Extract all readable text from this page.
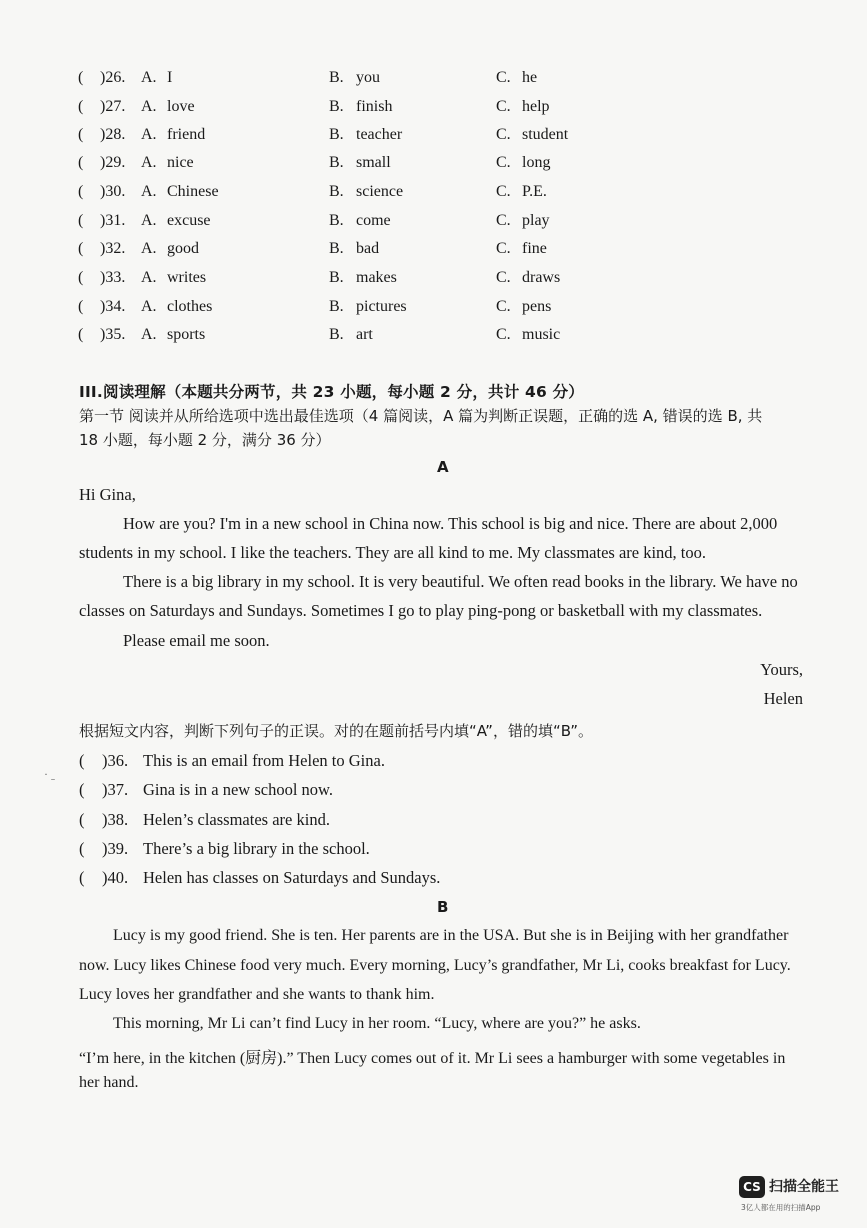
( )26. A. I	B. you	C. he
( )27. A. love	B. finish	C. help
( )28. A. friend	B. teacher	C. student
( )29. A. nice	B. small	C. long
( )30. A. Chinese	B. science	C. P.E.
( )31. A. excuse	B. come	C. play
( )32. A. good	B. bad	C. fine
( )33. A. writes	B. makes	C. draws
( )34. A. clothes	B. pictures	C. pens
( )35. A. sports	B. art	C. music
III.阅读理解（本题共分两节，共 23 小题，每小题 2 分，共计 46 分）
第一节 阅读并从所给选项中选出最佳选项（4 篇阅读，A 篇为判断正误题，正确的选 A, 错误的选 B, 共
18 小题，每小题 2 分，满分 36 分）
A
Hi Gina,
How are you? I'm in a new school in China now. This school is big and nice. There are about 2,000
students in my school. I like the teachers. They are all kind to me. My classmates are kind, too.
There is a big library in my school. It is very beautiful. We often read books in the library. We have no
classes on Saturdays and Sundays. Sometimes I go to play ping-pong or basketball with my classmates.
Please email me soon.
Yours,
Helen
根据短文内容，判断下列句子的正误。对的在题前括号内填“A”，错的填“B”。
· ˍ
( )36. This is an email from Helen to Gina.
( )37. Gina is in a new school now.
( )38. Helen’s classmates are kind.
( )39. There’s a big library in the school.
( )40. Helen has classes on Saturdays and Sundays.
B
Lucy is my good friend. She is ten. Her parents are in the USA. But she is in Beijing with her grandfather
now. Lucy likes Chinese food very much. Every morning, Lucy’s grandfather, Mr Li, cooks breakfast for Lucy.
Lucy loves her grandfather and she wants to thank him.
This morning, Mr Li can’t find Lucy in her room. “Lucy, where are you?” he asks.
“I’m here, in the kitchen (厨房).” Then Lucy comes out of it. Mr Li sees a hamburger with some vegetables in
her hand.
CS 扫描全能王
3亿人都在用的扫描App
